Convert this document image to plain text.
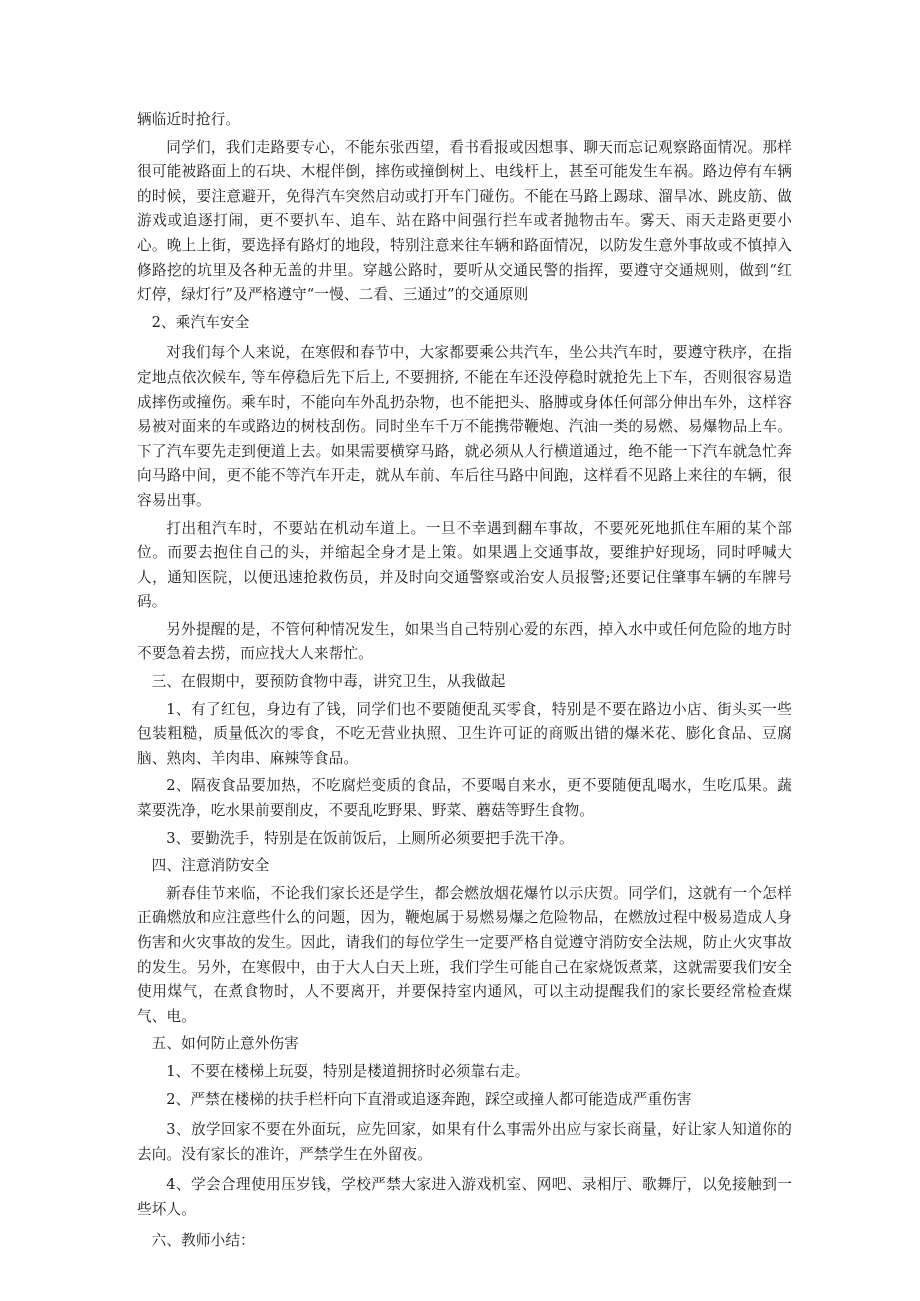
辆临近时抢行。

同学们，我们走路要专心，不能东张西望，看书看报或因想事、聊天而忘记观察路面情况。那样很可能被路面上的石块、木棍伴倒，摔伤或撞倒树上、电线杆上，甚至可能发生车祸。路边停有车辆的时候，要注意避开，免得汽车突然启动或打开车门碰伤。不能在马路上踢球、溜旱冰、跳皮筋、做游戏或追逐打闹，更不要扒车、追车、站在路中间强行拦车或者抛物击车。雾天、雨天走路更要小心。晚上上街，要选择有路灯的地段，特别注意来往车辆和路面情况，以防发生意外事故或不慎掉入修路挖的坑里及各种无盖的井里。穿越公路时，要听从交通民警的指挥，要遵守交通规则，做到“红灯停，绿灯行”及严格遵守“一慢、二看、三通过”的交通原则

2、乘汽车安全

对我们每个人来说，在寒假和春节中，大家都要乘公共汽车，坐公共汽车时，要遵守秩序，在指定地点依次候车, 等车停稳后先下后上, 不要拥挤, 不能在车还没停稳时就抢先上下车，否则很容易造成摔伤或撞伤。乘车时，不能向车外乱扔杂物，也不能把头、胳膊或身体任何部分伸出车外，这样容易被对面来的车或路边的树枝刮伤。同时坐车千万不能携带鞭炮、汽油一类的易燃、易爆物品上车。下了汽车要先走到便道上去。如果需要横穿马路，就必须从人行横道通过，绝不能一下汽车就急忙奔向马路中间，更不能不等汽车开走，就从车前、车后往马路中间跑，这样看不见路上来往的车辆，很容易出事。

打出租汽车时，不要站在机动车道上。一旦不幸遇到翻车事故，不要死死地抓住车厢的某个部位。而要去抱住自己的头，并缩起全身才是上策。如果遇上交通事故，要维护好现场，同时呼喊大人，通知医院，以便迅速抢救伤员，并及时向交通警察或治安人员报警;还要记住肇事车辆的车牌号码。

另外提醒的是，不管何种情况发生，如果当自己特别心爱的东西，掉入水中或任何危险的地方时不要急着去捞，而应找大人来帮忙。

三、在假期中，要预防食物中毒，讲究卫生，从我做起

1、有了红包，身边有了钱，同学们也不要随便乱买零食，特别是不要在路边小店、街头买一些包装粗糙，质量低次的零食，不吃无营业执照、卫生许可证的商贩出错的爆米花、膨化食品、豆腐脑、熟肉、羊肉串、麻辣等食品。

2、隔夜食品要加热，不吃腐烂变质的食品，不要喝自来水，更不要随便乱喝水，生吃瓜果。蔬菜要洗净，吃水果前要削皮，不要乱吃野果、野菜、蘑菇等野生食物。

3、要勤洗手，特别是在饭前饭后，上厕所必须要把手洗干净。

四、注意消防安全

新春佳节来临，不论我们家长还是学生，都会燃放烟花爆竹以示庆贺。同学们，这就有一个怎样正确燃放和应注意些什么的问题，因为，鞭炮属于易燃易爆之危险物品，在燃放过程中极易造成人身伤害和火灾事故的发生。因此，请我们的每位学生一定要严格自觉遵守消防安全法规，防止火灾事故的发生。另外，在寒假中，由于大人白天上班，我们学生可能自己在家烧饭煮菜，这就需要我们安全使用煤气，在煮食物时，人不要离开，并要保持室内通风，可以主动提醒我们的家长要经常检查煤气、电。

五、如何防止意外伤害

1、不要在楼梯上玩耍，特别是楼道拥挤时必须靠右走。

2、严禁在楼梯的扶手栏杆向下直滑或追逐奔跑，踩空或撞人都可能造成严重伤害

3、放学回家不要在外面玩，应先回家，如果有什么事需外出应与家长商量，好让家人知道你的去向。没有家长的准许，严禁学生在外留夜。

4、学会合理使用压岁钱，学校严禁大家进入游戏机室、网吧、录相厅、歌舞厅，以免接触到一些坏人。

六、教师小结：
